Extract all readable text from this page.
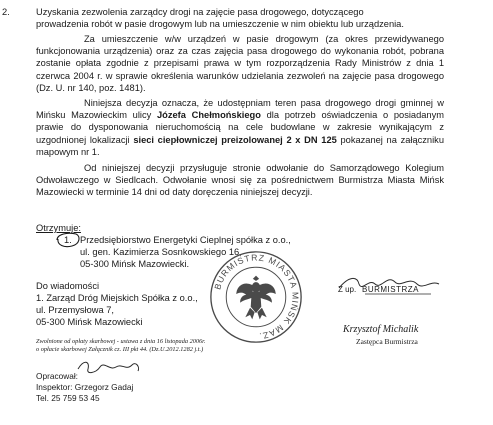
2.	Uzyskania zezwolenia zarządcy drogi na zajęcie pasa drogowego, dotyczącego

prowadzenia robót w pasie drogowym lub na umieszczenie w nim obiektu lub urządzenia.

Za umieszczenie w/w urządzeń w pasie drogowym (za okres przewidywanego funkcjonowania urządzenia) oraz za czas zajęcia pasa drogowego do wykonania robót, pobrana zostanie opłata zgodnie z przepisami prawa w tym rozporządzenia Rady Ministrów z dnia 1 czerwca 2004 r. w sprawie określenia warunków udzielania zezwoleń na zajęcie pasa drogowego (Dz. U. nr 140, poz. 1481).

Niniejsza decyzja oznacza, że udostępniam teren pasa drogowego drogi gminnej w Mińsku Mazowieckim ulicy Józefa Chełmońskiego dla potrzeb oświadczenia o posiadanym prawie do dysponowania nieruchomością na cele budowlane w zakresie wynikającym z uzgodnionej lokalizacji sieci ciepłowniczej preizolowanej 2 x DN 125 pokazanej na załączniku mapowym nr 1.

Od niniejszej decyzji przysługuje stronie odwołanie do Samorządowego Kolegium Odwoławczego w Siedlcach. Odwołanie wnosi się za pośrednictwem Burmistrza Miasta Mińsk Mazowiecki w terminie 14 dni od daty doręczenia niniejszej decyzji.

Otrzymuje:

1. Przedsiębiorstwo Energetyki Cieplnej spółka z o.o.,

ul. gen. Kazimierza Sosnkowskiego 16,

05-300 Mińsk Mazowiecki.

Do wiadomości

1. Zarząd Dróg Miejskich Spółka z o.o.,

ul. Przemysłowa 7,

05-300 Mińsk Mazowiecki

BURMISTRZ MIASTA MIŃSK MAZ.
Z up. BURMISTRZA
Krzysztof Michalik
Zastępca Burmistrza
Zwolnione od opłaty skarbowej - ustawa z dnia 16 listopada 2006r.
o opłacie skarbowej Załącznik cz. III pkt 44. (Dz.U.2012.1282 j.t.)

Opracował:

Inspektor: Grzegorz Gadaj

Tel. 25 759 53 45
